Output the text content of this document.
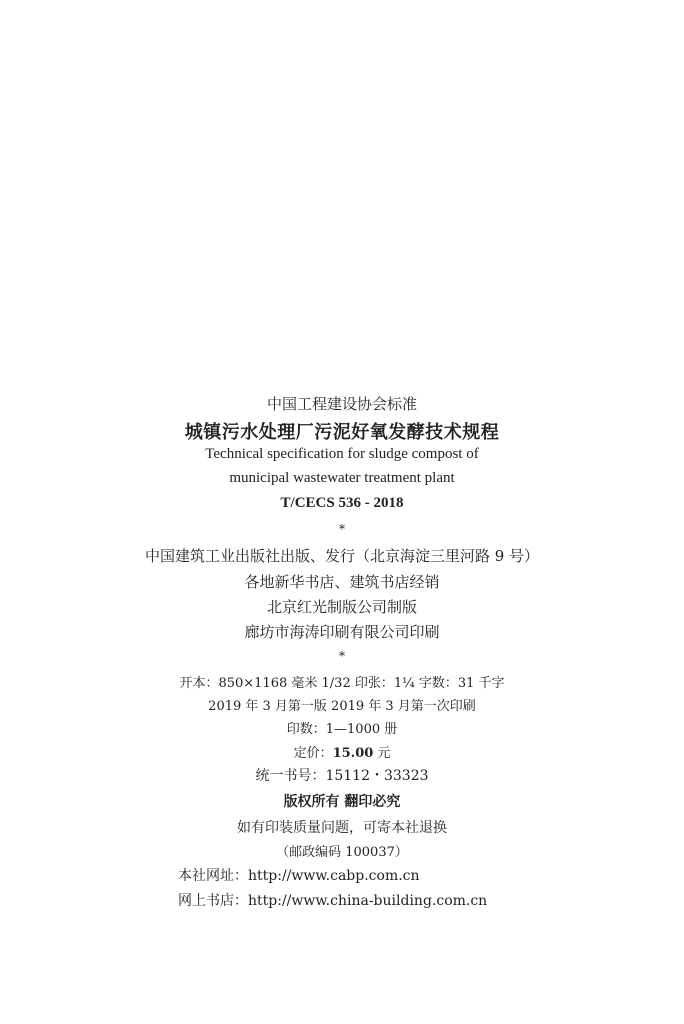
中国工程建设协会标准
城镇污水处理厂污泥好氧发酵技术规程
Technical specification for sludge compost of
municipal wastewater treatment plant
T/CECS 536 - 2018
*
中国建筑工业出版社出版、发行（北京海淀三里河路 9 号）
各地新华书店、建筑书店经销
北京红光制版公司制版
廊坊市海涛印刷有限公司印刷
*
开本：850×1168 毫米 1/32 印张：1¼ 字数：31 千字
2019 年 3 月第一版 2019 年 3 月第一次印刷
印数：1—1000 册
定价：15.00 元
统一书号：15112・33323
版权所有 翻印必究
如有印装质量问题，可寄本社退换
（邮政编码 100037）
本社网址：http://www.cabp.com.cn
网上书店：http://www.china-building.com.cn
